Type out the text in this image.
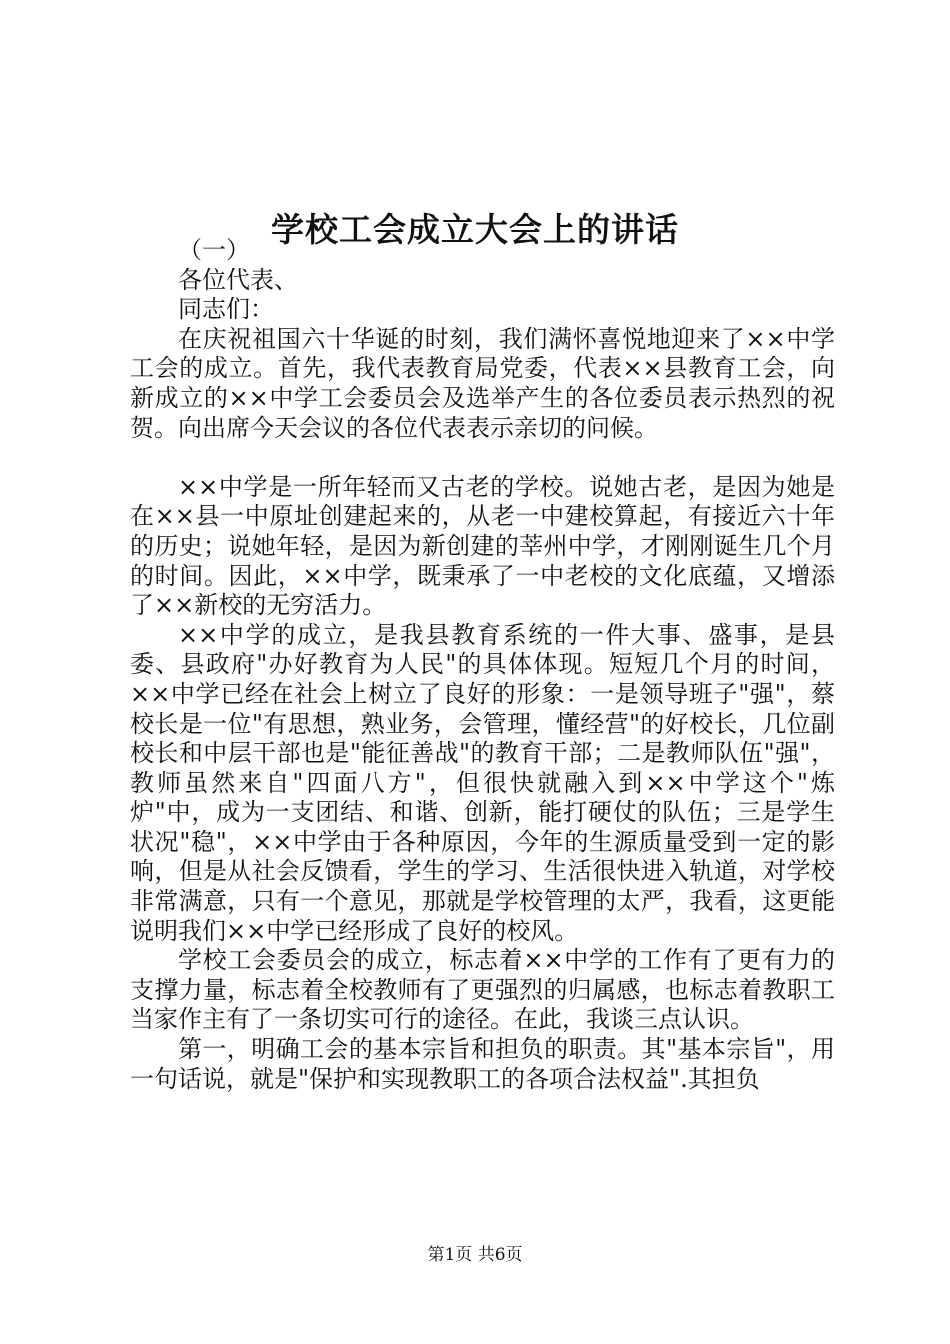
学校工会成立大会上的讲话

（一）

各位代表、

同志们：

在庆祝祖国六十华诞的时刻，我们满怀喜悦地迎来了××中学工会的成立。首先，我代表教育局党委，代表××县教育工会，向新成立的××中学工会委员会及选举产生的各位委员表示热烈的祝贺。向出席今天会议的各位代表表示亲切的问候。

××中学是一所年轻而又古老的学校。说她古老，是因为她是在××县一中原址创建起来的，从老一中建校算起，有接近六十年的历史；说她年轻，是因为新创建的莘州中学，才刚刚诞生几个月的时间。因此，××中学，既秉承了一中老校的文化底蕴，又增添了××新校的无穷活力。

××中学的成立，是我县教育系统的一件大事、盛事，是县委、县政府"办好教育为人民"的具体体现。短短几个月的时间，××中学已经在社会上树立了良好的形象：一是领导班子"强"，蔡校长是一位"有思想，熟业务，会管理，懂经营"的好校长，几位副校长和中层干部也是"能征善战"的教育干部；二是教师队伍"强"，教师虽然来自"四面八方"，但很快就融入到××中学这个"炼炉"中，成为一支团结、和谐、创新，能打硬仗的队伍；三是学生状况"稳"，××中学由于各种原因，今年的生源质量受到一定的影响，但是从社会反馈看，学生的学习、生活很快进入轨道，对学校非常满意，只有一个意见，那就是学校管理的太严，我看，这更能说明我们××中学已经形成了良好的校风。

学校工会委员会的成立，标志着××中学的工作有了更有力的支撑力量，标志着全校教师有了更强烈的归属感，也标志着教职工当家作主有了一条切实可行的途径。在此，我谈三点认识。

第一，明确工会的基本宗旨和担负的职责。其"基本宗旨"，用一句话说，就是"保护和实现教职工的各项合法权益".其担负

第1页 共6页
